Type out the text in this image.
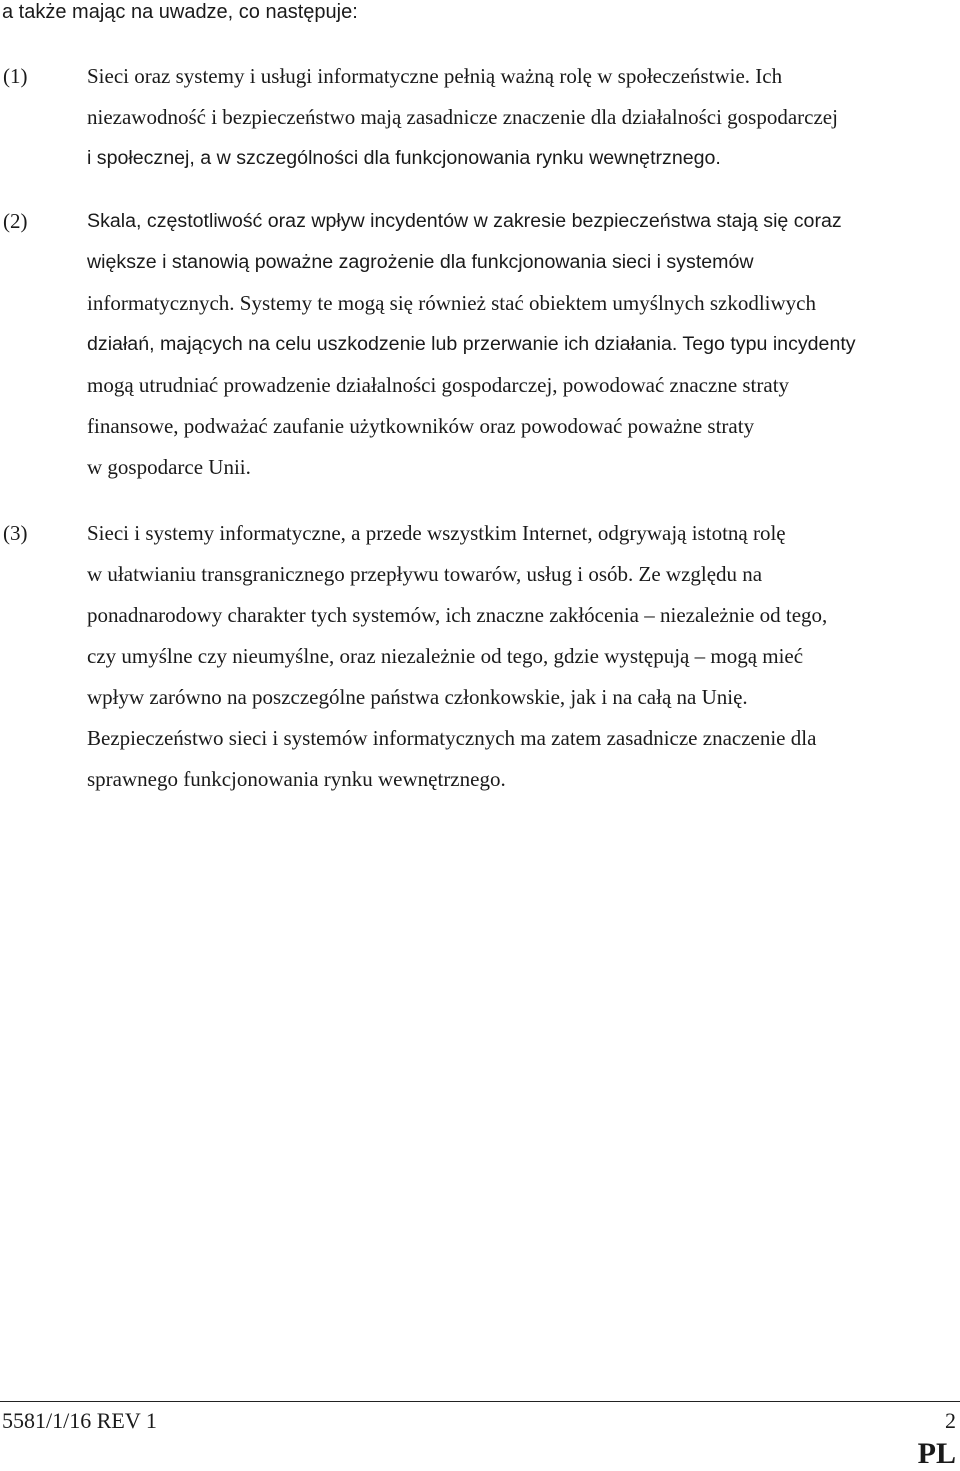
a także mając na uwadze, co następuje:
(1)	Sieci oraz systemy i usługi informatyczne pełnią ważną rolę w społeczeństwie. Ich
niezawodność i bezpieczeństwo mają zasadnicze znaczenie dla działalności gospodarczej
i społecznej, a w szczególności dla funkcjonowania rynku wewnętrznego.
(2)	Skala, częstotliwość oraz wpływ incydentów w zakresie bezpieczeństwa stają się coraz
większe i stanowią poważne zagrożenie dla funkcjonowania sieci i systemów
informatycznych. Systemy te mogą się również stać obiektem umyślnych szkodliwych
działań, mających na celu uszkodzenie lub przerwanie ich działania. Tego typu incydenty
mogą utrudniać prowadzenie działalności gospodarczej, powodować znaczne straty
finansowe, podważać zaufanie użytkowników oraz powodować poważne straty
w gospodarce Unii.
(3)	Sieci i systemy informatyczne, a przede wszystkim Internet, odgrywają istotną rolę
w ułatwianiu transgranicznego przepływu towarów, usług i osób. Ze względu na
ponadnarodowy charakter tych systemów, ich znaczne zakłócenia – niezależnie od tego,
czy umyślne czy nieumyślne, oraz niezależnie od tego, gdzie występują – mogą mieć
wpływ zarówno na poszczególne państwa członkowskie, jak i na całą na Unię.
Bezpieczeństwo sieci i systemów informatycznych ma zatem zasadnicze znaczenie dla
sprawnego funkcjonowania rynku wewnętrznego.
5581/1/16 REV 1	2
PL
